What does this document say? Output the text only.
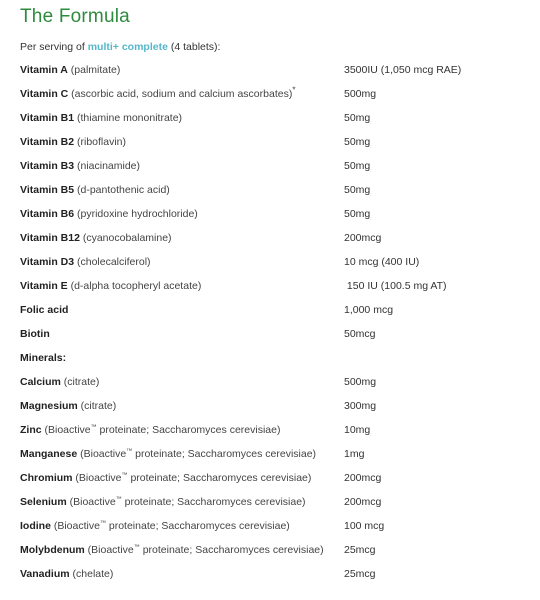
The Formula
Per serving of multi+ complete (4 tablets):
Vitamin A (palmitate)	3500IU (1,050 mcg RAE)
Vitamin C (ascorbic acid, sodium and calcium ascorbates)*	500mg
Vitamin B1 (thiamine mononitrate)	50mg
Vitamin B2 (riboflavin)	50mg
Vitamin B3 (niacinamide)	50mg
Vitamin B5 (d-pantothenic acid)	50mg
Vitamin B6 (pyridoxine hydrochloride)	50mg
Vitamin B12 (cyanocobalamine)	200mcg
Vitamin D3 (cholecalciferol)	10 mcg (400 IU)
Vitamin E (d-alpha tocopheryl acetate)	150 IU (100.5 mg AT)
Folic acid	1,000 mcg
Biotin	50mcg
Minerals:	
Calcium (citrate)	500mg
Magnesium (citrate)	300mg
Zinc (Bioactive™ proteinate; Saccharomyces cerevisiae)	10mg
Manganese (Bioactive™ proteinate; Saccharomyces cerevisiae)	1mg
Chromium (Bioactive™ proteinate; Saccharomyces cerevisiae)	200mcg
Selenium (Bioactive™ proteinate; Saccharomyces cerevisiae)	200mcg
Iodine (Bioactive™ proteinate; Saccharomyces cerevisiae)	100 mcg
Molybdenum (Bioactive™ proteinate; Saccharomyces cerevisiae)	25mcg
Vanadium (chelate)	25mcg
